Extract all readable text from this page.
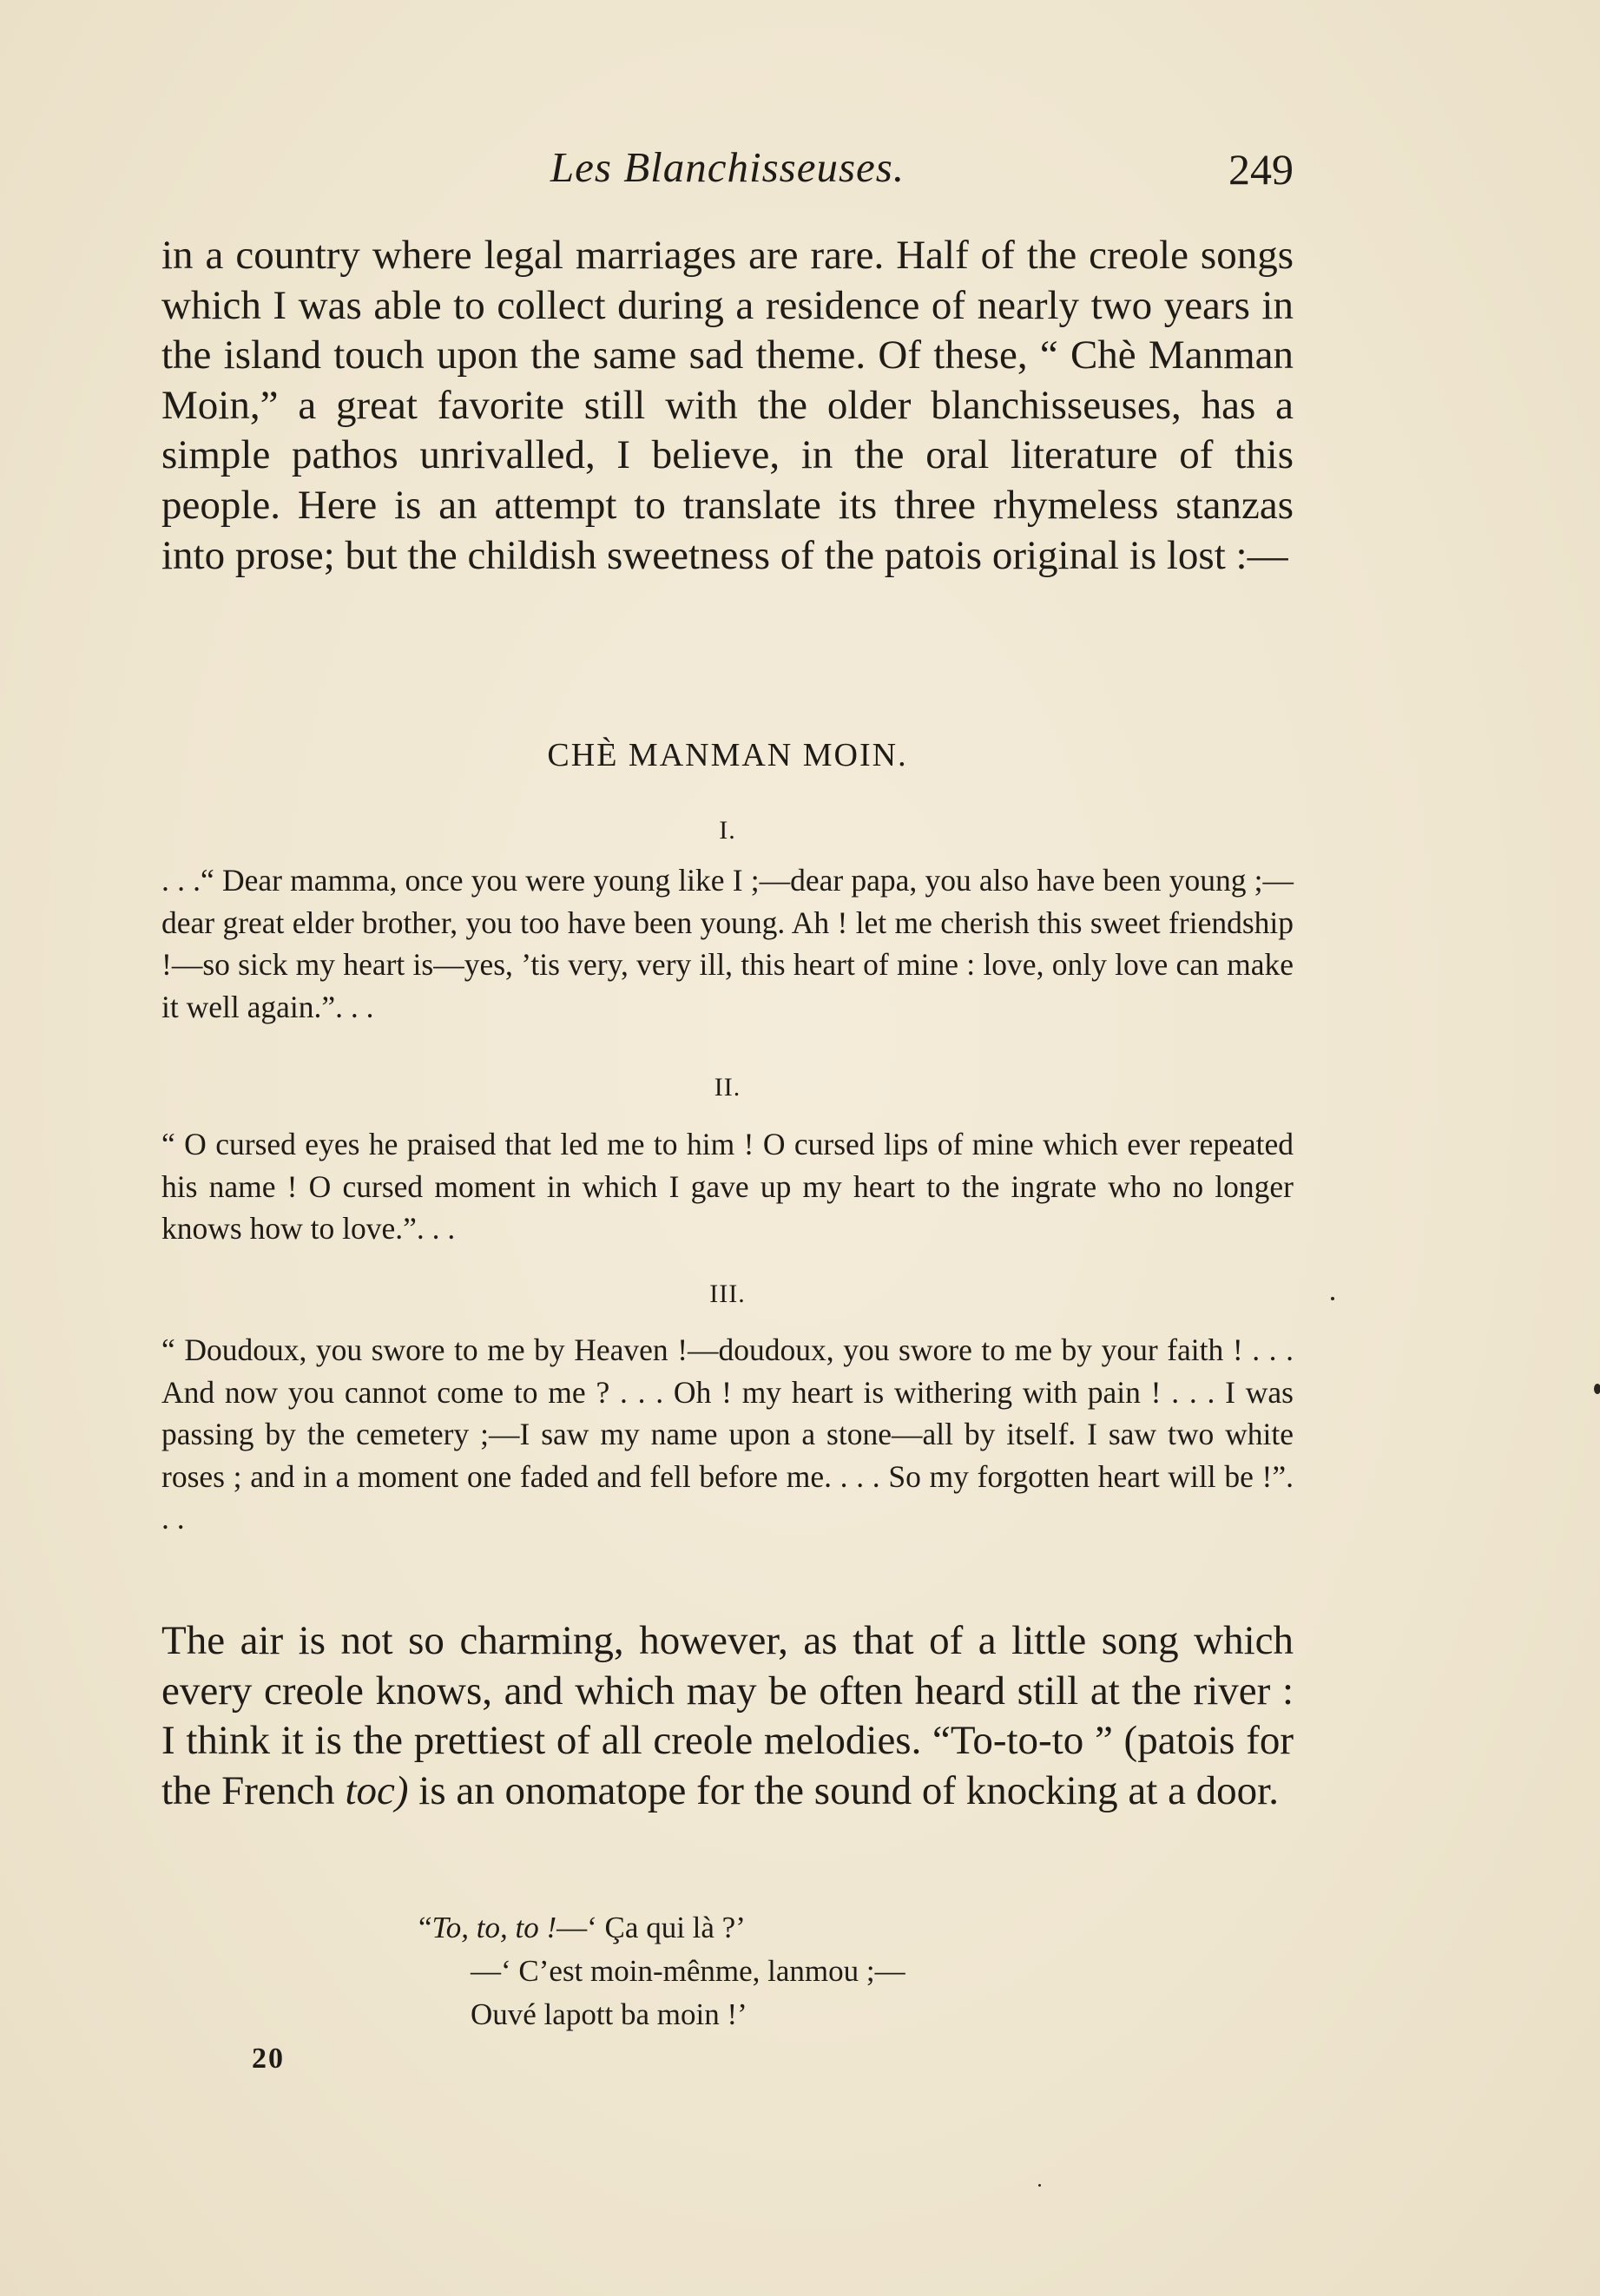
Les Blanchisseuses.	249

in a country where legal marriages are rare. Half of the creole songs which I was able to collect during a residence of nearly two years in the island touch upon the same sad theme. Of these, “ Chè Manman Moin,” a great favorite still with the older blanchisseuses, has a simple pathos unrivalled, I believe, in the oral literature of this people. Here is an attempt to translate its three rhymeless stanzas into prose; but the childish sweetness of the patois original is lost :—

CHÈ MANMAN MOIN.
I.

. . .“ Dear mamma, once you were young like I ;—dear papa, you also have been young ;—dear great elder brother, you too have been young. Ah ! let me cherish this sweet friendship !—so sick my heart is—yes, ’tis very, very ill, this heart of mine : love, only love can make it well again.”. . .

II.

“ O cursed eyes he praised that led me to him ! O cursed lips of mine which ever repeated his name ! O cursed moment in which I gave up my heart to the ingrate who no longer knows how to love.”. . .

III.

“ Doudoux, you swore to me by Heaven !—doudoux, you swore to me by your faith ! . . . And now you cannot come to me ? . . . Oh ! my heart is withering with pain ! . . . I was passing by the cemetery ;—I saw my name upon a stone—all by itself. I saw two white roses ; and in a moment one faded and fell before me. . . . So my forgotten heart will be !”. . .

The air is not so charming, however, as that of a little song which every creole knows, and which may be often heard still at the river : I think it is the prettiest of all creole melodies. “To-to-to ” (patois for the French toc) is an onomatope for the sound of knocking at a door.

“To, to, to !—‘ Ça qui là ?’
—‘ C’est moin-mênme, lanmou ;—
Ouvé lapott ba moin !’
20
